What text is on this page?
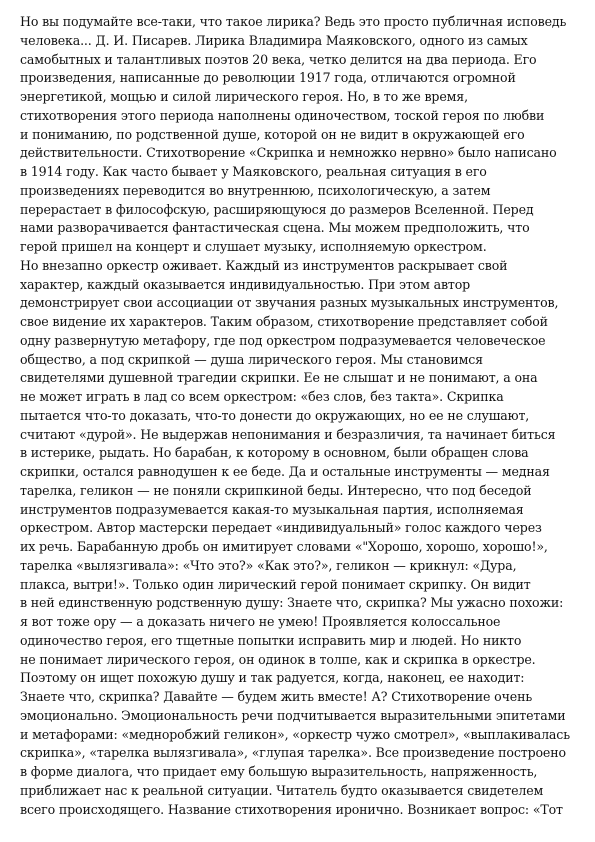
Но вы подумайте все-таки, что такое лирика? Ведь это просто публичная исповедь
человека... Д. И. Писарев. Лирика Владимира Маяковского, одного из самых
самобытных и талантливых поэтов 20 века, четко делится на два периода. Его
произведения, написанные до революции 1917 года, отличаются огромной
энергетикой, мощью и силой лирического героя. Но, в то же время,
стихотворения этого периода наполнены одиночеством, тоской героя по любви
и пониманию, по родственной душе, которой он не видит в окружающей его
действительности. Стихотворение «Скрипка и немножко нервно» было написано
в 1914 году. Как часто бывает у Маяковского, реальная ситуация в его
произведениях переводится во внутреннюю, психологическую, а затем
перерастает в философскую, расширяющуюся до размеров Вселенной. Перед
нами разворачивается фантастическая сцена. Мы можем предположить, что
герой пришел на концерт и слушает музыку, исполняемую оркестром.
Но внезапно оркестр оживает. Каждый из инструментов раскрывает свой
характер, каждый оказывается индивидуальностью. При этом автор
демонстрирует свои ассоциации от звучания разных музыкальных инструментов,
свое видение их характеров. Таким образом, стихотворение представляет собой
одну развернутую метафору, где под оркестром подразумевается человеческое
общество, а под скрипкой — душа лирического героя. Мы становимся
свидетелями душевной трагедии скрипки. Ее не слышат и не понимают, а она
не может играть в лад со всем оркестром: «без слов, без такта». Скрипка
пытается что-то доказать, что-то донести до окружающих, но ее не слушают,
считают «дурой». Не выдержав непонимания и безразличия, та начинает биться
в истерике, рыдать. Но барабан, к которому в основном, были обращен слова
скрипки, остался равнодушен к ее беде. Да и остальные инструменты — медная
тарелка, геликон — не поняли скрипкиной беды. Интересно, что под беседой
инструментов подразумевается какая-то музыкальная партия, исполняемая
оркестром. Автор мастерски передает «индивидуальный» голос каждого через
их речь. Барабанную дробь он имитирует словами «"Хорошо, хорошо, хорошо!»,
тарелка «вылязгивала»: «Что это?» «Как это?», геликон — крикнул: «Дура,
плакса, вытри!». Только один лирический герой понимает скрипку. Он видит
в ней единственную родственную душу: Знаете что, скрипка? Мы ужасно похожи:
я вот тоже ору — а доказать ничего не умею! Проявляется колоссальное
одиночество героя, его тщетные попытки исправить мир и людей. Но никто
не понимает лирического героя, он одинок в толпе, как и скрипка в оркестре.
Поэтому он ищет похожую душу и так радуется, когда, наконец, ее находит:
Знаете что, скрипка? Давайте — будем жить вместе! А? Стихотворение очень
эмоционально. Эмоциональность речи подчитывается выразительными эпитетами
и метафорами: «медноробжий геликон», «оркестр чужо смотрел», «выплакивалась
скрипка», «тарелка вылязгивала», «глупая тарелка». Все произведение построено
в форме диалога, что придает ему большую выразительность, напряженность,
приближает нас к реальной ситуации. Читатель будто оказывается свидетелем
всего происходящего. Название стихотворения иронично. Возникает вопрос: «Тот
